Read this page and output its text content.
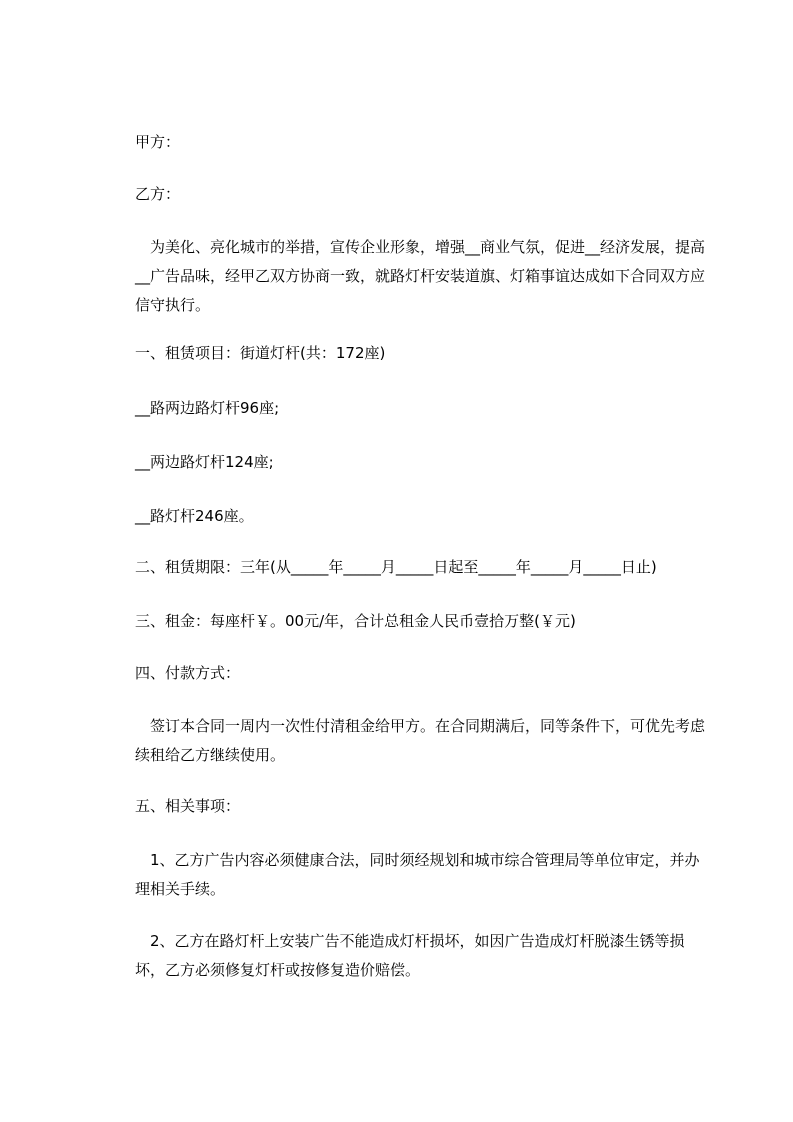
甲方：

乙方：

　为美化、亮化城市的举措，宣传企业形象，增强__商业气氛，促进__经济发展，提高__广告品味，经甲乙双方协商一致，就路灯杆安装道旗、灯箱事谊达成如下合同双方应信守执行。

一、租赁项目：街道灯杆(共：172座)

__路两边路灯杆96座;

__两边路灯杆124座;

__路灯杆246座。

二、租赁期限：三年(从_____年_____月_____日起至_____年_____月_____日止)

三、租金：每座杆￥。00元/年，合计总租金人民币壹拾万整(￥元)

四、付款方式：

　签订本合同一周内一次性付清租金给甲方。在合同期满后，同等条件下，可优先考虑续租给乙方继续使用。

五、相关事项：

　1、乙方广告内容必须健康合法，同时须经规划和城市综合管理局等单位审定，并办理相关手续。

　2、乙方在路灯杆上安装广告不能造成灯杆损坏，如因广告造成灯杆脱漆生锈等损坏，乙方必须修复灯杆或按修复造价赔偿。
